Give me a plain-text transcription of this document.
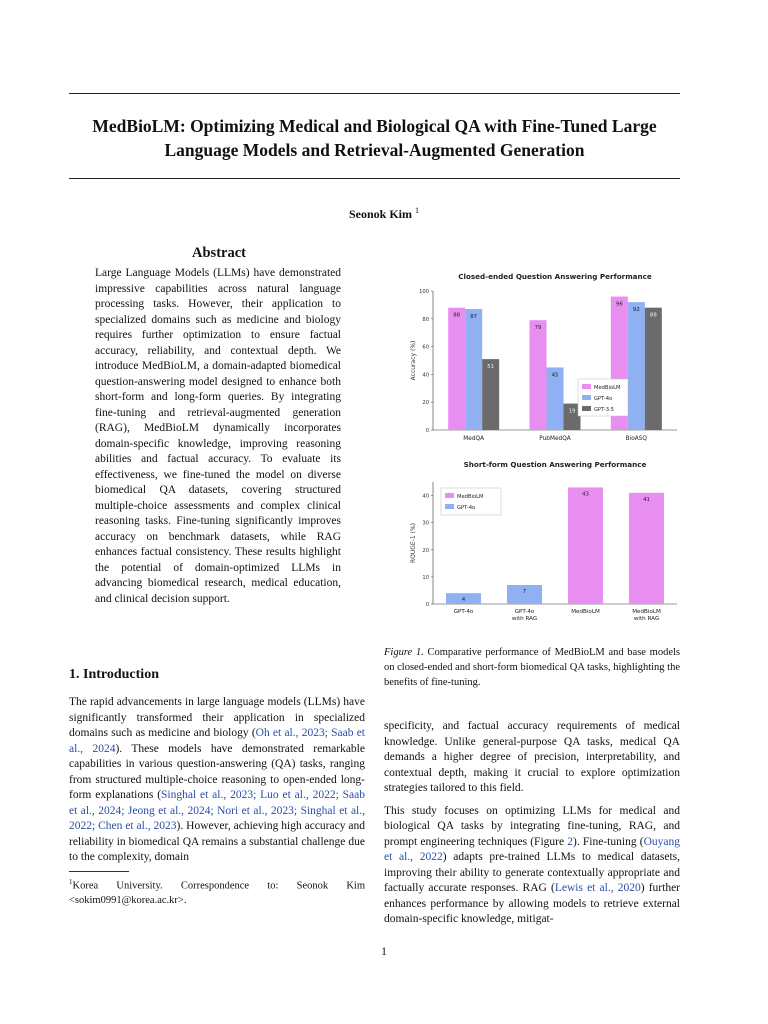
MedBioLM: Optimizing Medical and Biological QA with Fine-Tuned Large
Language Models and Retrieval-Augmented Generation
Seonok Kim $^1$
Abstract
Large Language Models (LLMs) have demonstrated impressive capabilities across natural language processing tasks. However, their application to specialized domains such as medicine and biology requires further optimization to ensure factual accuracy, reliability, and contextual depth. We introduce MedBioLM, a domain-adapted biomedical question-answering model designed to enhance both short-form and long-form queries. By integrating fine-tuning and retrieval-augmented generation (RAG), MedBioLM dynamically incorporates domain-specific knowledge, improving reasoning abilities and factual accuracy. To evaluate its effectiveness, we fine-tuned the model on diverse biomedical QA datasets, covering structured multiple-choice assessments and complex clinical reasoning tasks. Fine-tuning significantly improves accuracy on benchmark datasets, while RAG enhances factual consistency. These results highlight the potential of domain-optimized LLMs in advancing biomedical research, medical education, and clinical decision support.
1. Introduction
The rapid advancements in large language models (LLMs) have significantly transformed their application in specialized domains such as medicine and biology (Oh et al., 2023; Saab et al., 2024). These models have demonstrated remarkable capabilities in various question-answering (QA) tasks, ranging from structured multiple-choice reasoning to open-ended long-form explanations (Singhal et al., 2023; Luo et al., 2022; Saab et al., 2024; Jeong et al., 2024; Nori et al., 2023; Singhal et al., 2022; Chen et al., 2023). However, achieving high accuracy and reliability in biomedical QA remains a substantial challenge due to the complexity, domain
$^1$Korea University. Correspondence to: Seonok Kim <sokim0991@korea.ac.kr>.
1
Closed-ended Question Answering Performance
0
20
40
60
80
100
Accuracy (%)
MedQA
88 87
51
PubMedQA
79
45
19
BioASQ
96
92
88
MedBioLM
GPT-4o
GPT-3.5
Short-form Question Answering Performance
0
10
20
30
40
ROUGE-1 (%)
4
GPT-4o
7
GPT-4o
with RAG
43
MedBioLM
41
MedBioLM
with RAG
MedBioLM
GPT-4o
Figure 1. Comparative performance of MedBioLM and base models on closed-ended and short-form biomedical QA tasks, highlighting the benefits of fine-tuning.

specificity, and factual accuracy requirements of medical knowledge. Unlike general-purpose QA tasks, medical QA demands a higher degree of precision, interpretability, and contextual depth, making it crucial to explore optimization strategies tailored to this field.

This study focuses on optimizing LLMs for medical and biological QA tasks by integrating fine-tuning, RAG, and prompt engineering techniques (Figure 2). Fine-tuning (Ouyang et al., 2022) adapts pre-trained LLMs to medical datasets, improving their ability to generate contextually appropriate and factually accurate responses. RAG (Lewis et al., 2020) further enhances performance by allowing models to retrieve external domain-specific knowledge, mitigat-
